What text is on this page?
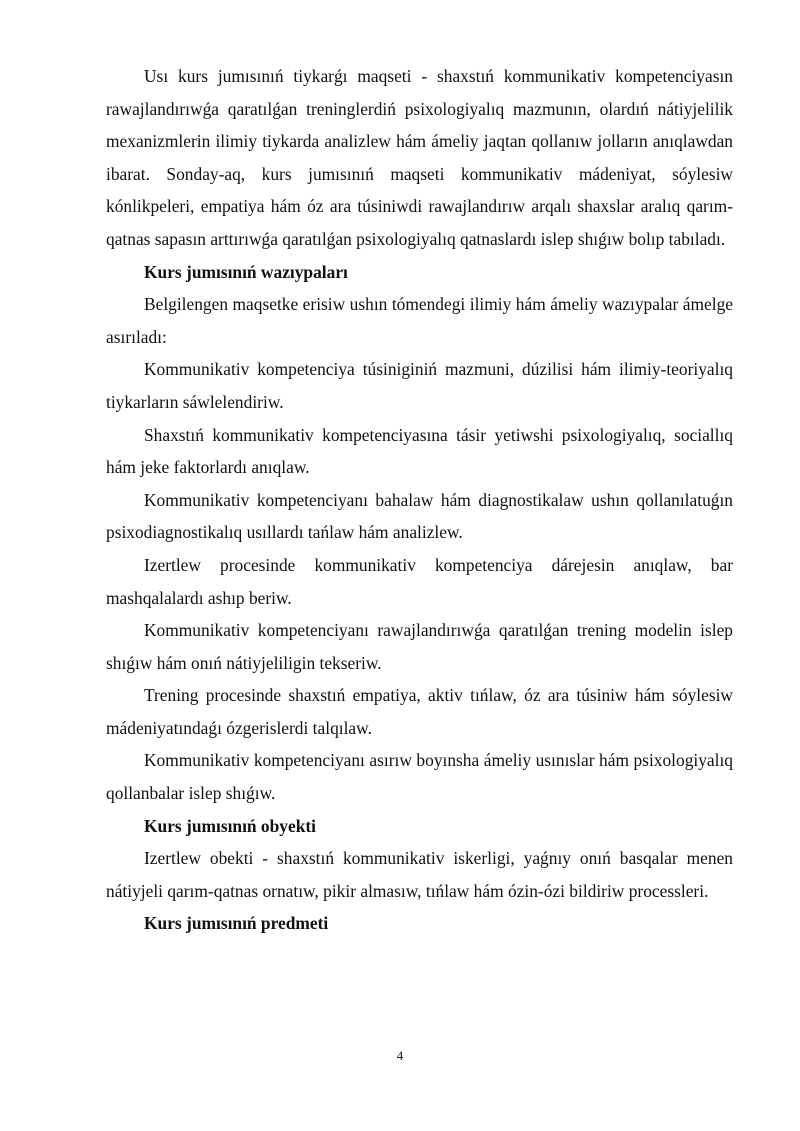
Usı kurs jumısınıń tiykarǵı maqseti - shaxstıń kommunikativ kompetenciyasın rawajlandırıwǵa qaratılǵan treninglerdiń psixologiyalıq mazmunın, olardıń nátiyjelilik mexanizmlerin ilimiy tiykarda analizlew hám ámeliy jaqtan qollanıw jolların anıqlawdan ibarat. Sonday-aq, kurs jumısınıń maqseti kommunikativ mádeniyat, sóylesiw kónlikpeleri, empatiya hám óz ara túsiniwdi rawajlandırıw arqalı shaxslar aralıq qarım-qatnas sapasın arttırıwǵa qaratılǵan psixologiyalıq qatnaslardı islep shıǵıw bolıp tabıladı.

Kurs jumısınıń wazıypaları

Belgilengen maqsetke erisiw ushın tómendegi ilimiy hám ámeliy wazıypalar ámelge asırıladı:

Kommunikativ kompetenciya túsiniginiń mazmuni, dúzilisi hám ilimiy-teoriyalıq tiykarların sáwlelendiriw.

Shaxstıń kommunikativ kompetenciyasına tásir yetiwshi psixologiyalıq, sociallıq hám jeke faktorlardı anıqlaw.

Kommunikativ kompetenciyanı bahalaw hám diagnostikalaw ushın qollanılatuǵın psixodiagnostikalıq usıllardı tańlaw hám analizlew.

Izertlew procesinde kommunikativ kompetenciya dárejesin anıqlaw, bar mashqalalardı ashıp beriw.

Kommunikativ kompetenciyanı rawajlandırıwǵa qaratılǵan trening modelin islep shıǵıw hám onıń nátiyjeliligin tekseriw.

Trening procesinde shaxstıń empatiya, aktiv tıńlaw, óz ara túsiniw hám sóylesiw mádeniyatındaǵı ózgerislerdi talqılaw.

Kommunikativ kompetenciyanı asırıw boyınsha ámeliy usınıslar hám psixologiyalıq qollanbalar islep shıǵıw.

Kurs jumısınıń obyekti

Izertlew obekti - shaxstıń kommunikativ iskerligi, yaǵnıy onıń basqalar menen nátiyjeli qarım-qatnas ornatıw, pikir almasıw, tıńlaw hám ózin-ózi bildiriw processleri.

Kurs jumısınıń predmeti
4
